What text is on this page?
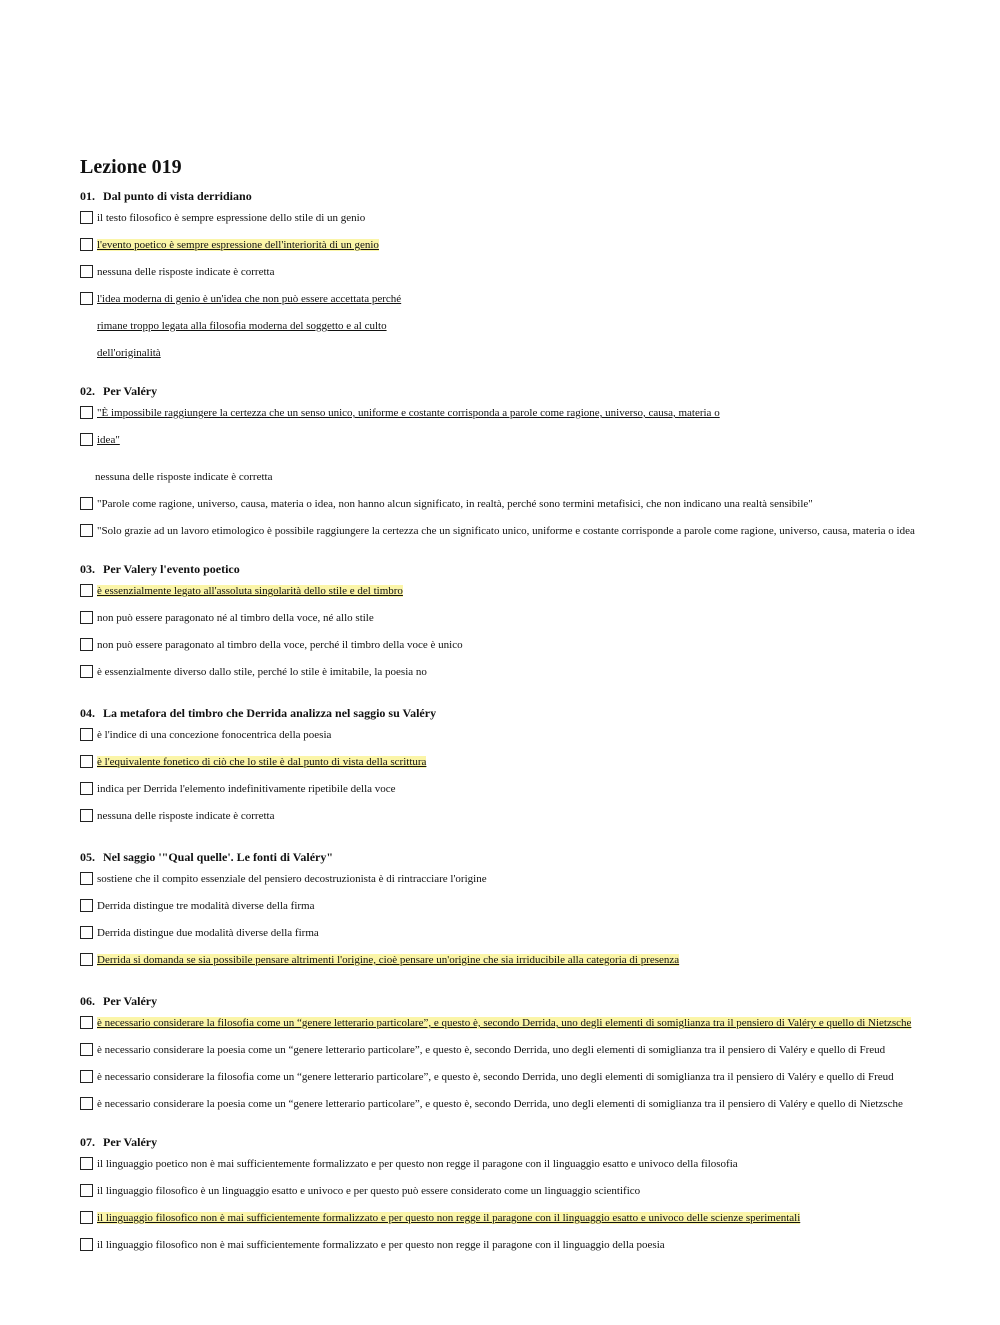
Lezione 019
01. Dal punto di vista derridiano
il testo filosofico è sempre espressione dello stile di un genio
l'evento poetico è sempre espressione dell'interiorità di un genio
nessuna delle risposte indicate è corretta
l'idea moderna di genio è un'idea che non può essere accettata perché
rimane troppo legata alla filosofia moderna del soggetto e al culto
dell'originalità
02. Per Valéry
"È impossibile raggiungere la certezza che un senso unico, uniforme e costante corrisponda a parole come ragione, universo, causa, materia o
idea"
nessuna delle risposte indicate è corretta
"Parole come ragione, universo, causa, materia o idea, non hanno alcun significato, in realtà, perché sono termini metafisici, che non indicano una realtà sensibile"
"Solo grazie ad un lavoro etimologico è possibile raggiungere la certezza che un significato unico, uniforme e costante corrisponde a parole come ragione, universo, causa, materia o idea
03. Per Valery l'evento poetico
è essenzialmente legato all'assoluta singolarità dello stile e del timbro
non può essere paragonato né al timbro della voce, né allo stile
non può essere paragonato al timbro della voce, perché il timbro della voce è unico
è essenzialmente diverso dallo stile, perché lo stile è imitabile, la poesia no
04. La metafora del timbro che Derrida analizza nel saggio su Valéry
è l'indice di una concezione fonocentrica della poesia
è l'equivalente fonetico di ciò che lo stile è dal punto di vista della scrittura
indica per Derrida l'elemento indefinitivamente ripetibile della voce
nessuna delle risposte indicate è corretta
05. Nel saggio '"Qual quelle'. Le fonti di Valéry"
sostiene che il compito essenziale del pensiero decostruzionista è di rintracciare l'origine
Derrida distingue tre modalità diverse della firma
Derrida distingue due modalità diverse della firma
Derrida si domanda se sia possibile pensare altrimenti l'origine, cioè pensare un'origine che sia irriducibile alla categoria di presenza
06. Per Valéry
è necessario considerare la filosofia come un “genere letterario particolare”, e questo è, secondo Derrida, uno degli elementi di somiglianza tra il pensiero di Valéry e quello di Nietzsche
è necessario considerare la poesia come un “genere letterario particolare”, e questo è, secondo Derrida, uno degli elementi di somiglianza tra il pensiero di Valéry e quello di Freud
è necessario considerare la filosofia come un “genere letterario particolare”, e questo è, secondo Derrida, uno degli elementi di somiglianza tra il pensiero di Valéry e quello di Freud
è necessario considerare la poesia come un “genere letterario particolare”, e questo è, secondo Derrida, uno degli elementi di somiglianza tra il pensiero di Valéry e quello di Nietzsche
07. Per Valéry
il linguaggio poetico non è mai sufficientemente formalizzato e per questo non regge il paragone con il linguaggio esatto e univoco della filosofia
il linguaggio filosofico è un linguaggio esatto e univoco e per questo può essere considerato come un linguaggio scientifico
il linguaggio filosofico non è mai sufficientemente formalizzato e per questo non regge il paragone con il linguaggio esatto e univoco delle scienze sperimentali
il linguaggio filosofico non è mai sufficientemente formalizzato e per questo non regge il paragone con il linguaggio della poesia
